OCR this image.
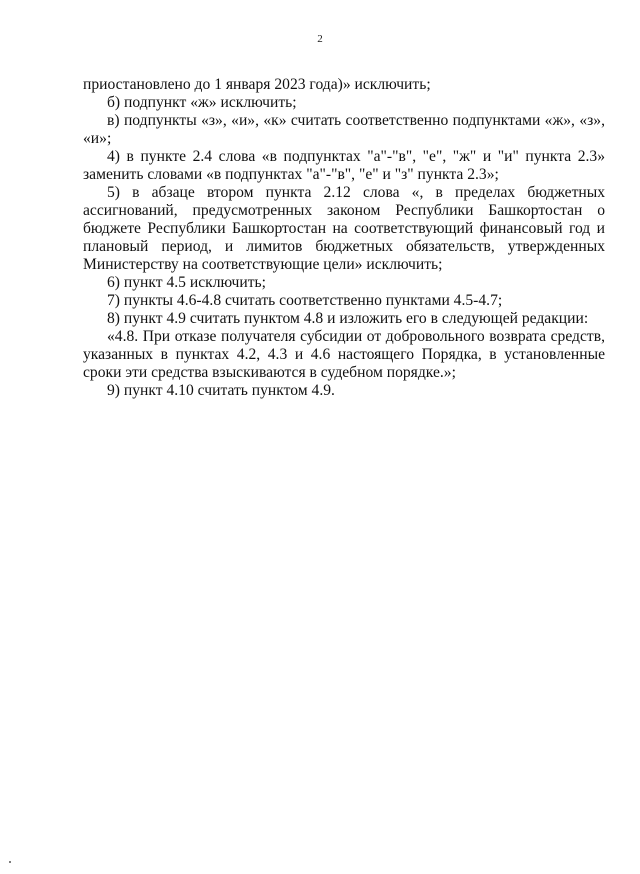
2

приостановлено до 1 января 2023 года)» исключить;

б) подпункт «ж» исключить;

в) подпункты «з», «и», «к» считать соответственно подпунктами «ж», «з», «и»;

4) в пункте 2.4 слова «в подпунктах "а"-"в", "е", "ж" и "и" пункта 2.3» заменить словами «в подпунктах "а"-"в", "е" и "з" пункта 2.3»;

5) в абзаце втором пункта 2.12 слова «, в пределах бюджетных ассигнований, предусмотренных законом Республики Башкортостан о бюджете Республики Башкортостан на соответствующий финансовый год и плановый период, и лимитов бюджетных обязательств, утвержденных Министерству на соответствующие цели» исключить;

6) пункт 4.5 исключить;

7) пункты 4.6-4.8 считать соответственно пунктами 4.5-4.7;

8) пункт 4.9 считать пунктом 4.8 и изложить его в следующей редакции:

«4.8. При отказе получателя субсидии от добровольного возврата средств, указанных в пунктах 4.2, 4.3 и 4.6 настоящего Порядка, в установленные сроки эти средства взыскиваются в судебном порядке.»;

9) пункт 4.10 считать пунктом 4.9.
